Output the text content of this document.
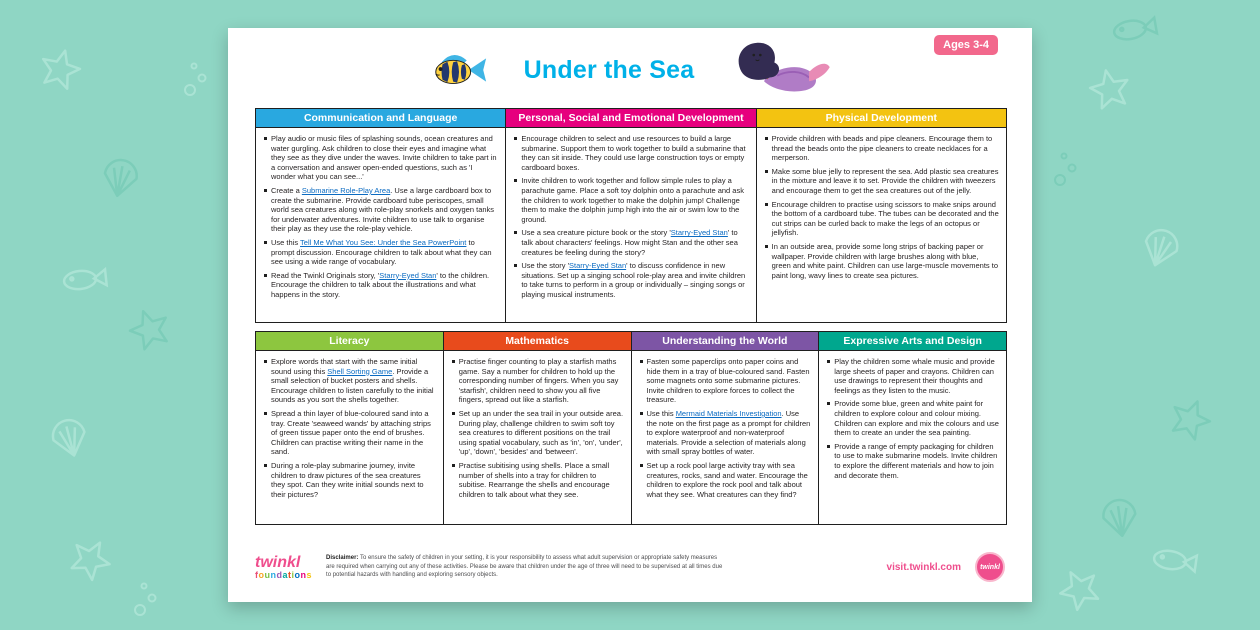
Ages 3-4
Under the Sea
Communication and Language
Play audio or music files of splashing sounds, ocean creatures and water gurgling. Ask children to close their eyes and imagine what they see as they dive under the waves. Invite children to take part in a conversation and answer open-ended questions, such as 'I wonder what you can see...'
Create a Submarine Role-Play Area. Use a large cardboard box to create the submarine. Provide cardboard tube periscopes, small world sea creatures along with role-play snorkels and oxygen tanks for underwater adventures. Invite children to use talk to organise their play as they use the role-play vehicle.
Use this Tell Me What You See: Under the Sea PowerPoint to prompt discussion. Encourage children to talk about what they can see using a wide range of vocabulary.
Read the Twinkl Originals story, 'Starry-Eyed Stan' to the children. Encourage the children to talk about the illustrations and what happens in the story.
Personal, Social and Emotional Development
Encourage children to select and use resources to build a large submarine. Support them to work together to build a submarine that they can sit inside. They could use large construction toys or empty cardboard boxes.
Invite children to work together and follow simple rules to play a parachute game. Place a soft toy dolphin onto a parachute and ask the children to work together to make the dolphin jump! Challenge them to make the dolphin jump high into the air or swim low to the ground.
Use a sea creature picture book or the story 'Starry-Eyed Stan' to talk about characters' feelings. How might Stan and the other sea creatures be feeling during the story?
Use the story 'Starry-Eyed Stan' to discuss confidence in new situations. Set up a singing school role-play area and invite children to take turns to perform in a group or individually – singing songs or playing musical instruments.
Physical Development
Provide children with beads and pipe cleaners. Encourage them to thread the beads onto the pipe cleaners to create necklaces for a merperson.
Make some blue jelly to represent the sea. Add plastic sea creatures in the mixture and leave it to set. Provide the children with tweezers and encourage them to get the sea creatures out of the jelly.
Encourage children to practise using scissors to make snips around the bottom of a cardboard tube. The tubes can be decorated and the cut strips can be curled back to make the legs of an octopus or jellyfish.
In an outside area, provide some long strips of backing paper or wallpaper. Provide children with large brushes along with blue, green and white paint. Children can use large-muscle movements to paint long, wavy lines to create sea pictures.
Literacy
Explore words that start with the same initial sound using this Shell Sorting Game. Provide a small selection of bucket posters and shells. Encourage children to listen carefully to the initial sounds as you sort the shells together.
Spread a thin layer of blue-coloured sand into a tray. Create 'seaweed wands' by attaching strips of green tissue paper onto the end of brushes. Children can practise writing their name in the sand.
During a role-play submarine journey, invite children to draw pictures of the sea creatures they spot. Can they write initial sounds next to their pictures?
Mathematics
Practise finger counting to play a starfish maths game. Say a number for children to hold up the corresponding number of fingers. When you say 'starfish', children need to show you all five fingers, spread out like a starfish.
Set up an under the sea trail in your outside area. During play, challenge children to swim soft toy sea creatures to different positions on the trail using spatial vocabulary, such as 'in', 'on', 'under', 'up', 'down', 'besides' and 'between'.
Practise subitising using shells. Place a small number of shells into a tray for children to subitise. Rearrange the shells and encourage children to talk about what they see.
Understanding the World
Fasten some paperclips onto paper coins and hide them in a tray of blue-coloured sand. Fasten some magnets onto some submarine pictures. Invite children to explore forces to collect the treasure.
Use this Mermaid Materials Investigation. Use the note on the first page as a prompt for children to explore waterproof and non-waterproof materials. Provide a selection of materials along with small spray bottles of water.
Set up a rock pool large activity tray with sea creatures, rocks, sand and water. Encourage the children to explore the rock pool and talk about what they see. What creatures can they find?
Expressive Arts and Design
Play the children some whale music and provide large sheets of paper and crayons. Children can use drawings to represent their thoughts and feelings as they listen to the music.
Provide some blue, green and white paint for children to explore colour and colour mixing. Children can explore and mix the colours and use them to create an under the sea painting.
Provide a range of empty packaging for children to use to make submarine models. Invite children to explore the different materials and how to join and decorate them.
twinkl
foundations

Disclaimer: To ensure the safety of children in your setting, it is your responsibility to assess what adult supervision or appropriate safety measures are required when carrying out any of these activities. Please be aware that children under the age of three will need to be supervised at all times due to potential hazards with handling and exploring sensory objects.

visit.twinkl.com	twinkl
